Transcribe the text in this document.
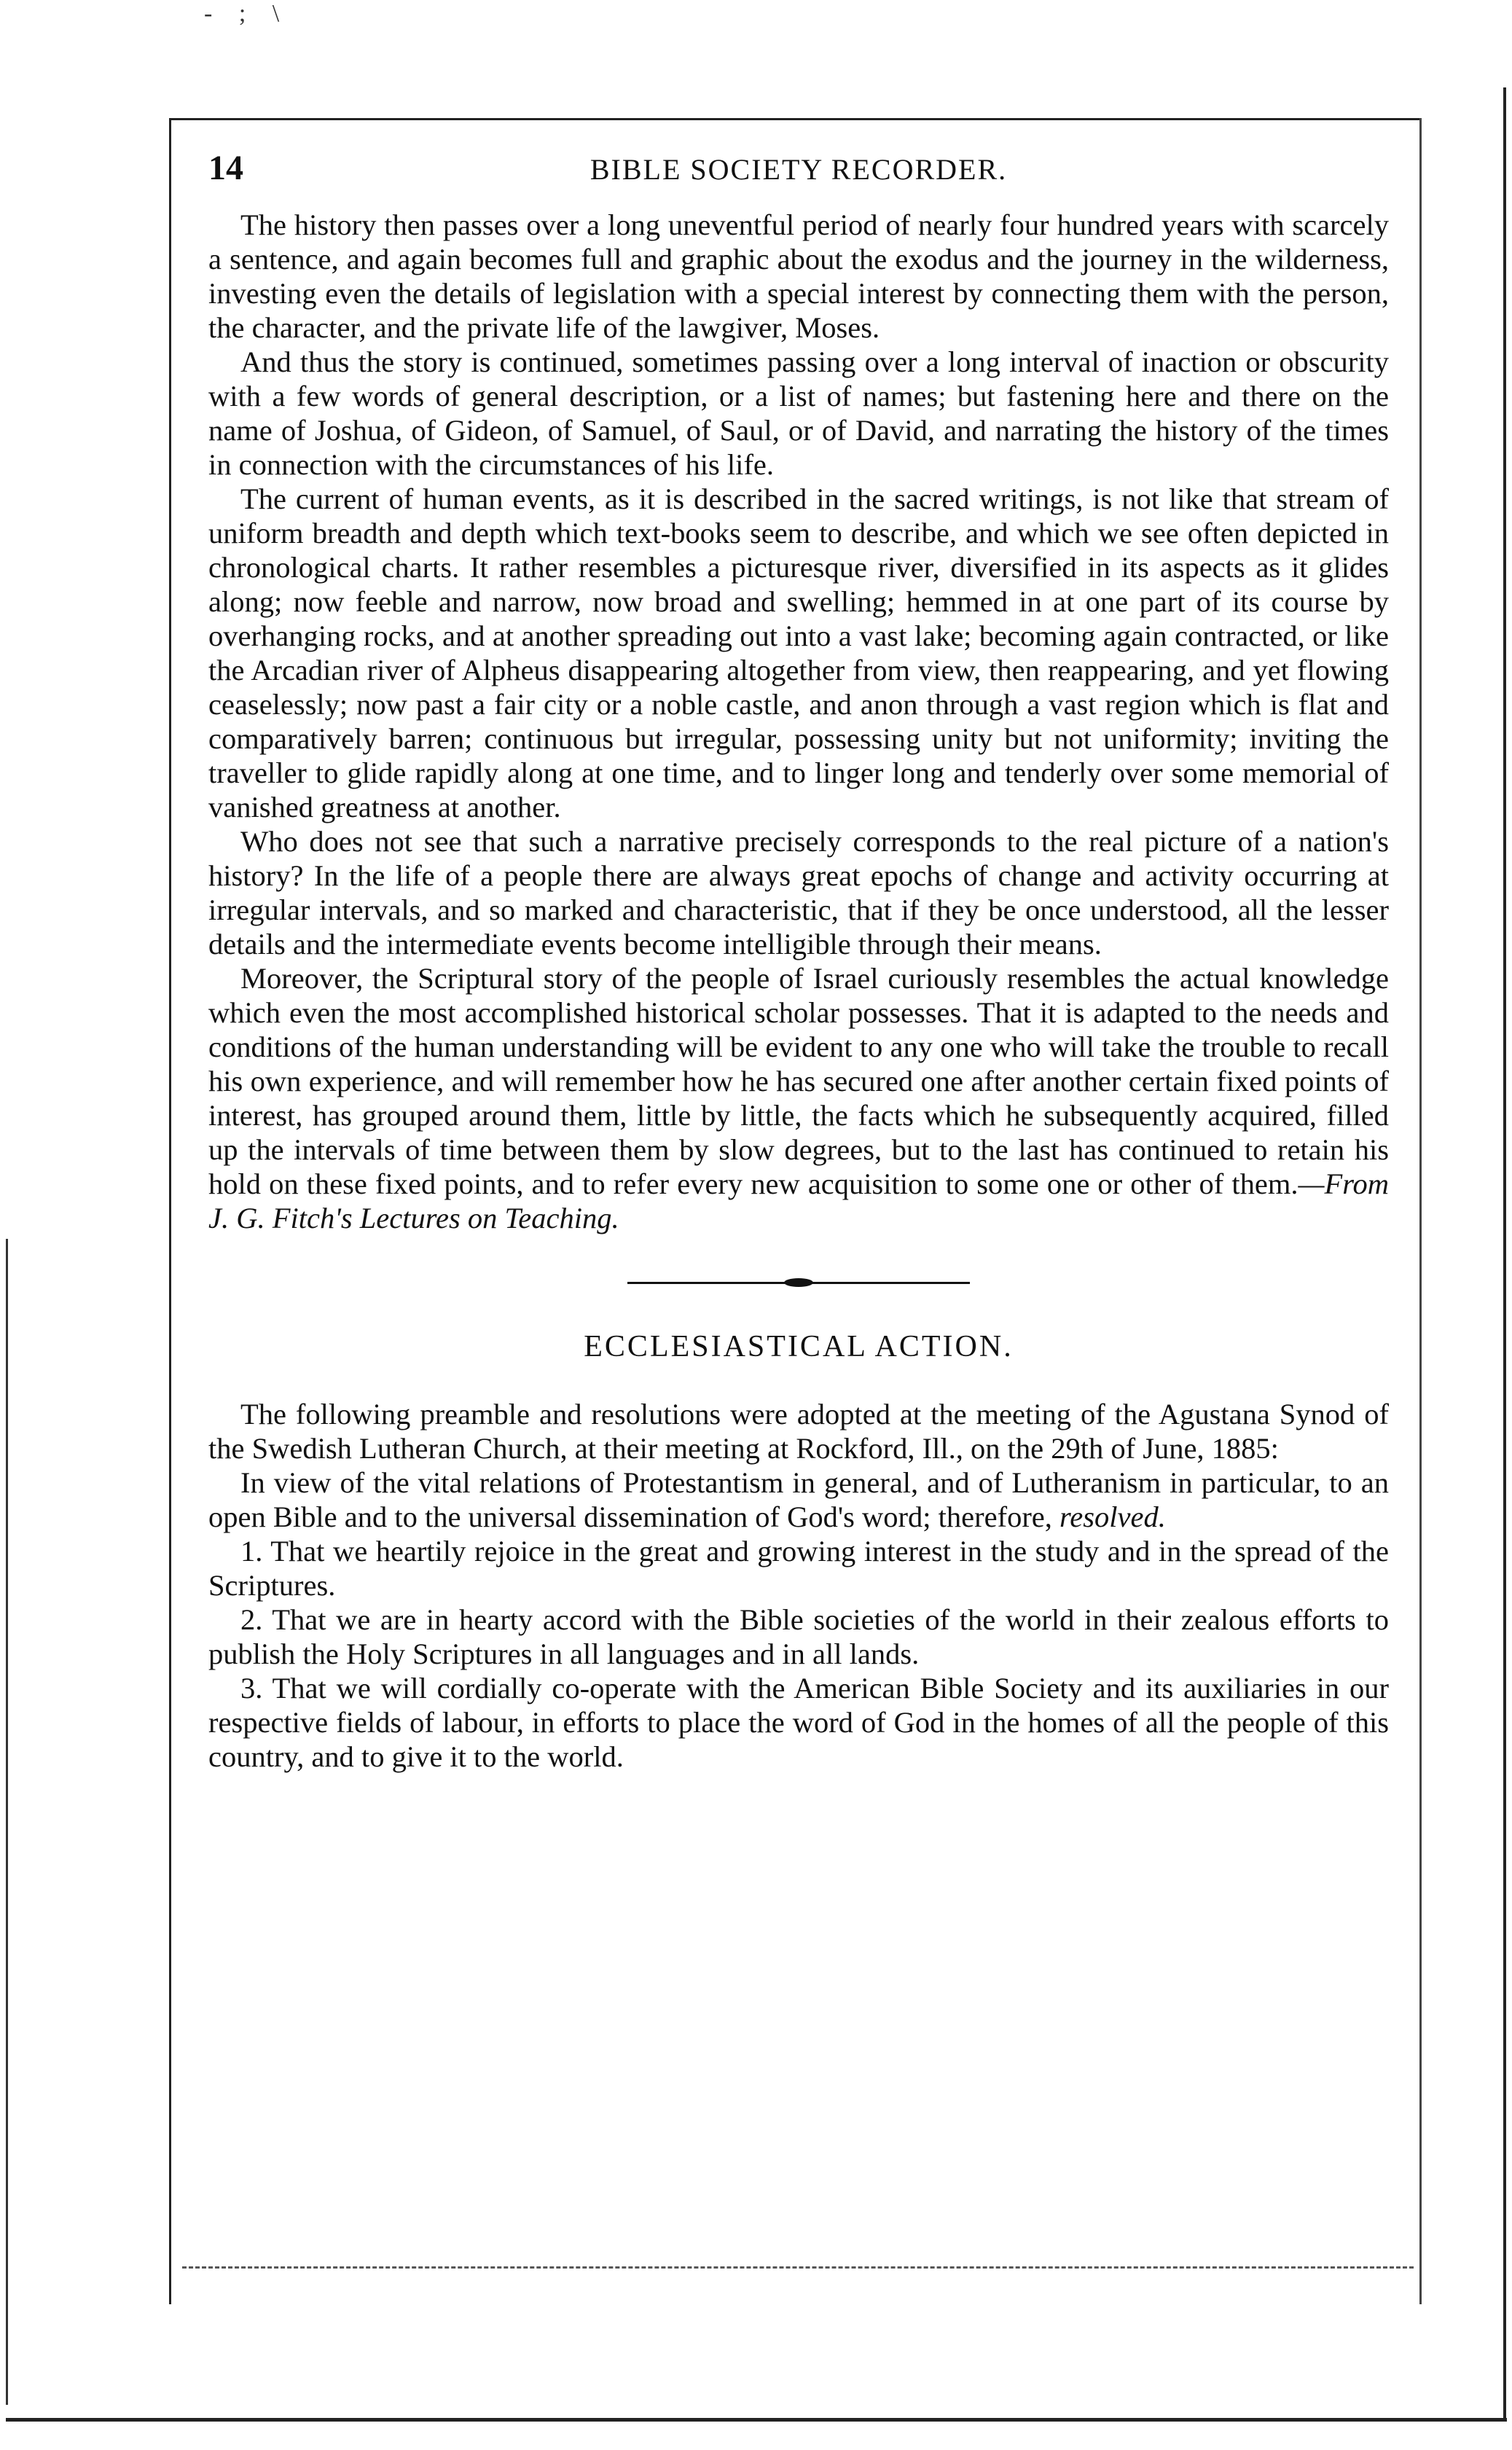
- ; \
14	BIBLE SOCIETY RECORDER.

The history then passes over a long uneventful period of nearly four hundred years with scarcely a sentence, and again becomes full and graphic about the exodus and the journey in the wilderness, investing even the details of legislation with a special interest by connecting them with the person, the character, and the private life of the lawgiver, Moses.

And thus the story is continued, sometimes passing over a long interval of inaction or obscurity with a few words of general description, or a list of names; but fastening here and there on the name of Joshua, of Gideon, of Samuel, of Saul, or of David, and narrating the history of the times in connection with the circumstances of his life.

The current of human events, as it is described in the sacred writings, is not like that stream of uniform breadth and depth which text-books seem to describe, and which we see often depicted in chronological charts. It rather resembles a picturesque river, diversified in its aspects as it glides along; now feeble and narrow, now broad and swelling; hemmed in at one part of its course by overhanging rocks, and at another spreading out into a vast lake; becoming again contracted, or like the Arcadian river of Alpheus disappearing altogether from view, then reappearing, and yet flowing ceaselessly; now past a fair city or a noble castle, and anon through a vast region which is flat and comparatively barren; continuous but irregular, possessing unity but not uniformity; inviting the traveller to glide rapidly along at one time, and to linger long and tenderly over some memorial of vanished greatness at another.

Who does not see that such a narrative precisely corresponds to the real picture of a nation's history? In the life of a people there are always great epochs of change and activity occurring at irregular intervals, and so marked and characteristic, that if they be once understood, all the lesser details and the intermediate events become intelligible through their means.

Moreover, the Scriptural story of the people of Israel curiously resembles the actual knowledge which even the most accomplished historical scholar possesses. That it is adapted to the needs and conditions of the human understanding will be evident to any one who will take the trouble to recall his own experience, and will remember how he has secured one after another certain fixed points of interest, has grouped around them, little by little, the facts which he subsequently acquired, filled up the intervals of time between them by slow degrees, but to the last has continued to retain his hold on these fixed points, and to refer every new acquisition to some one or other of them.—From J. G. Fitch's Lectures on Teaching.

ECCLESIASTICAL ACTION.

The following preamble and resolutions were adopted at the meeting of the Agustana Synod of the Swedish Lutheran Church, at their meeting at Rockford, Ill., on the 29th of June, 1885:

In view of the vital relations of Protestantism in general, and of Lutheranism in particular, to an open Bible and to the universal dissemination of God's word; therefore, resolved.

1. That we heartily rejoice in the great and growing interest in the study and in the spread of the Scriptures.

2. That we are in hearty accord with the Bible societies of the world in their zealous efforts to publish the Holy Scriptures in all languages and in all lands.

3. That we will cordially co-operate with the American Bible Society and its auxiliaries in our respective fields of labour, in efforts to place the word of God in the homes of all the people of this country, and to give it to the world.
